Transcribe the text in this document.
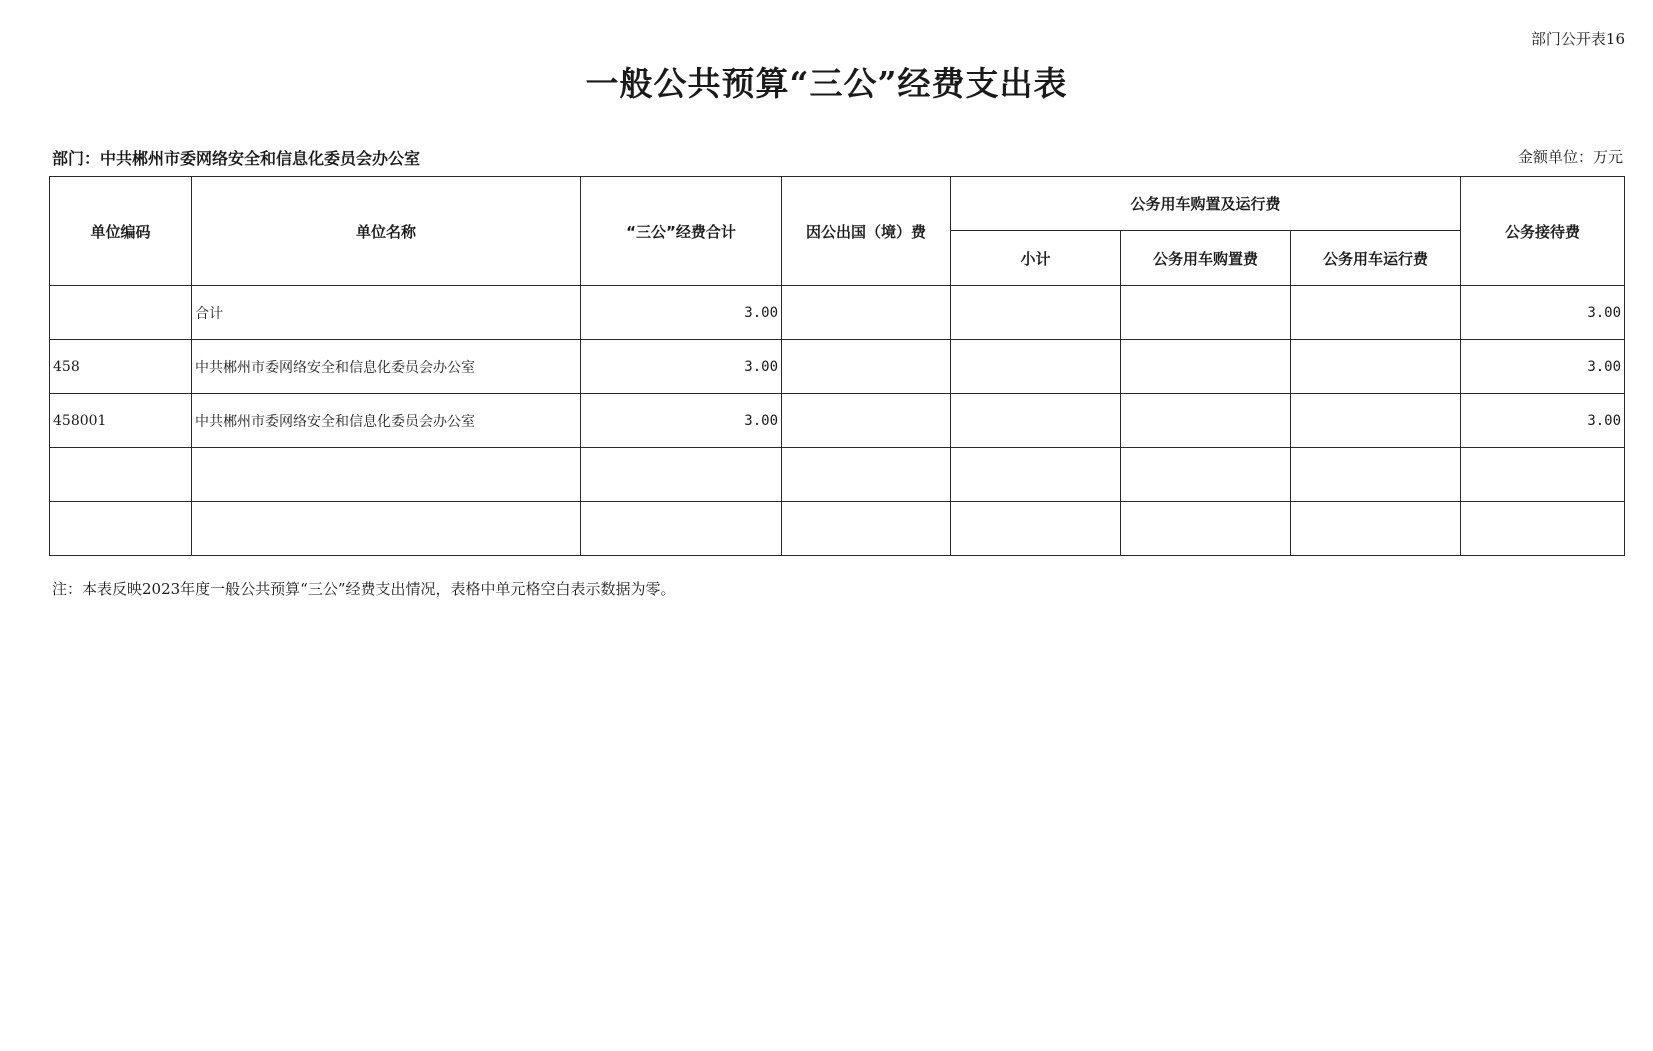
部门公开表16
一般公共预算“三公”经费支出表
部门：中共郴州市委网络安全和信息化委员会办公室	金额单位：万元
单位编码	单位名称	“三公”经费合计	因公出国（境）费	公务用车购置及运行费			公务接待费
				小计	公务用车购置费	公务用车运行费	
	合计	3.00					3.00
458	中共郴州市委网络安全和信息化委员会办公室	3.00					3.00
458001	中共郴州市委网络安全和信息化委员会办公室	3.00					3.00

注：本表反映2023年度一般公共预算“三公”经费支出情况，表格中单元格空白表示数据为零。
